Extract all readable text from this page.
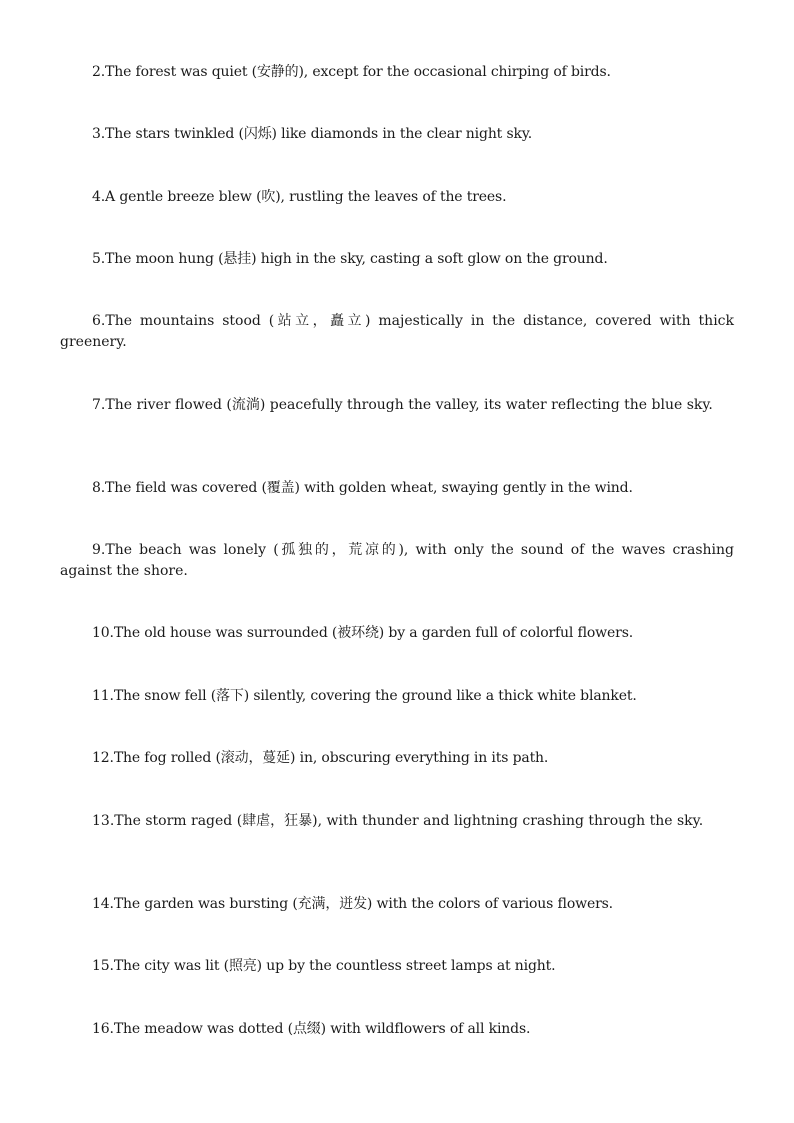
2.The forest was quiet (安静的), except for the occasional chirping of birds.

3.The stars twinkled (闪烁) like diamonds in the clear night sky.

4.A gentle breeze blew (吹), rustling the leaves of the trees.

5.The moon hung (悬挂) high in the sky, casting a soft glow on the ground.

6.The mountains stood (站立，矗立) majestically in the distance, covered with thick greenery.

7.The river flowed (流淌) peacefully through the valley, its water reflecting the blue sky.

8.The field was covered (覆盖) with golden wheat, swaying gently in the wind.

9.The beach was lonely (孤独的，荒凉的), with only the sound of the waves crashing against the shore.

10.The old house was surrounded (被环绕) by a garden full of colorful flowers.

11.The snow fell (落下) silently, covering the ground like a thick white blanket.

12.The fog rolled (滚动，蔓延) in, obscuring everything in its path.

13.The storm raged (肆虐，狂暴), with thunder and lightning crashing through the sky.

14.The garden was bursting (充满，迸发) with the colors of various flowers.

15.The city was lit (照亮) up by the countless street lamps at night.

16.The meadow was dotted (点缀) with wildflowers of all kinds.
